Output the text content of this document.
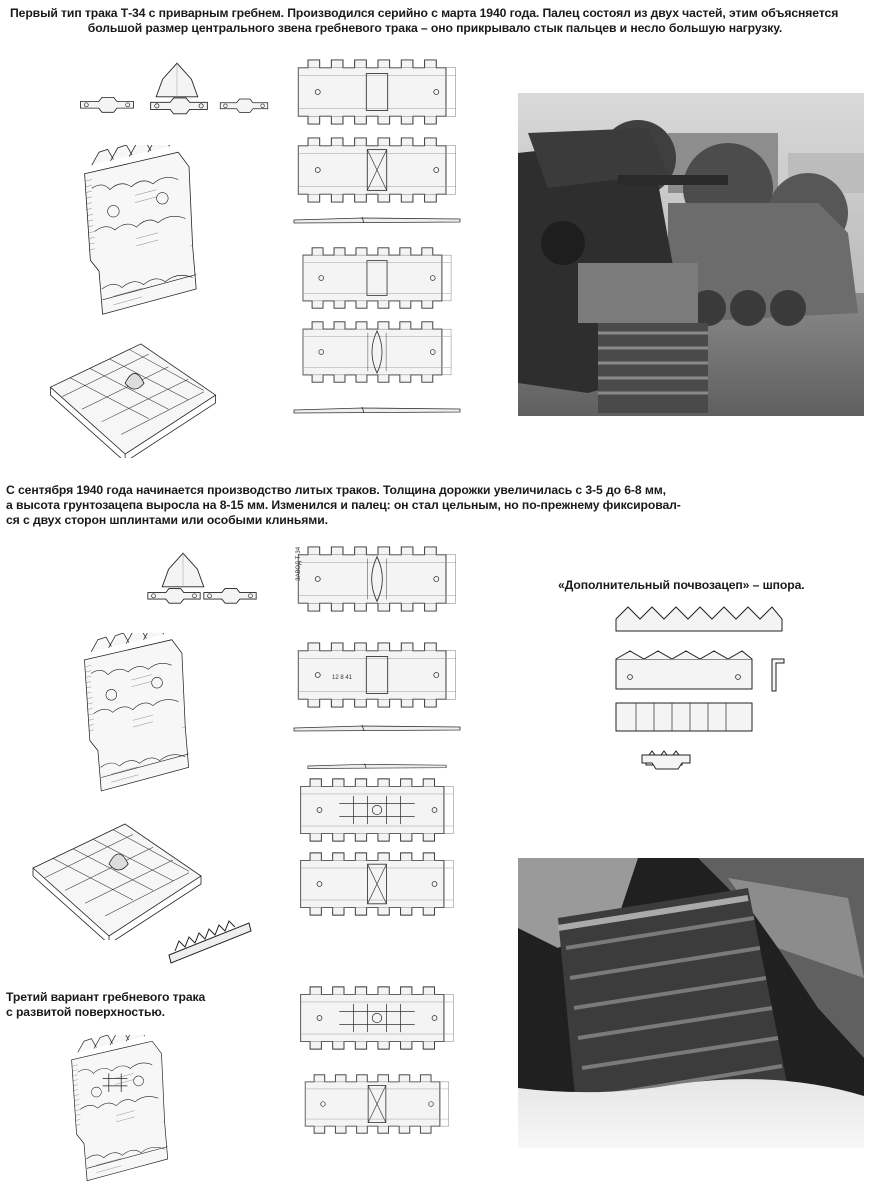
Первый тип трака Т-34 с приварным гребнем. Производился серийно с марта 1940 года. Палец состоял из двух частей, этим объясняется
большой размер центрального звена гребневого трака – оно прикрывало стык пальцев и несло большую нагрузку.
С сентября 1940 года начинается производство литых траков. Толщина дорожки увеличилась с 3-5 до 6-8 мм,
а высота грунтозацепа выросла на 8-15 мм. Изменился и палец: он стал цельным, но по-прежнему фиксировал-
ся с двух сторон шплинтами или особыми клиньями.
«Дополнительный почвозацеп» – шпора.
Третий вариант гребневого трака
с развитой поверхностью.
ЗАВОД Т-34
12 8 41
